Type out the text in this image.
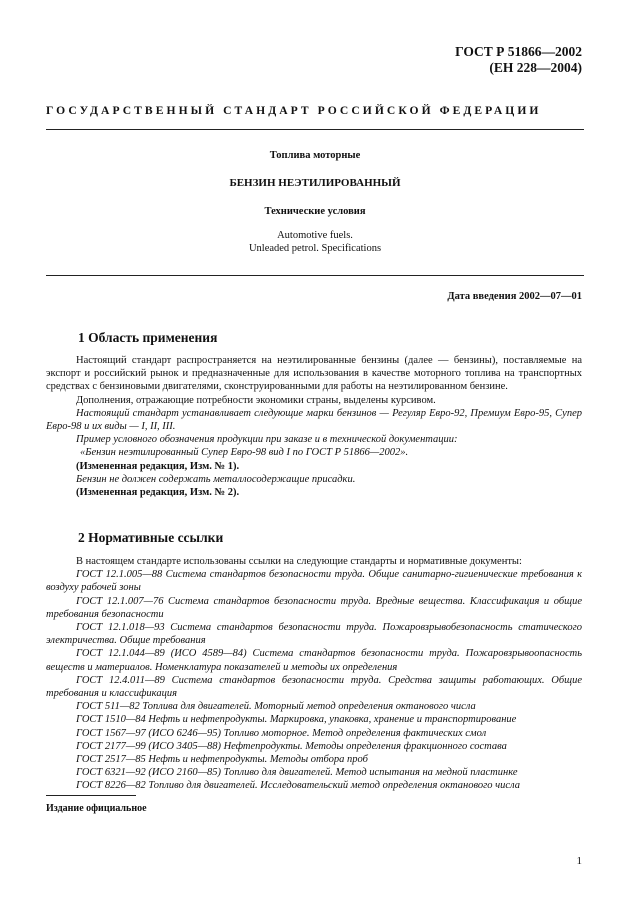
ГОСТ Р 51866—2002
(ЕН 228—2004)
ГОСУДАРСТВЕННЫЙ СТАНДАРТ РОССИЙСКОЙ ФЕДЕРАЦИИ
Топлива моторные
БЕНЗИН НЕЭТИЛИРОВАННЫЙ
Технические условия
Automotive fuels.
Unleaded petrol. Specifications
Дата введения 2002—07—01
1 Область применения

Настоящий стандарт распространяется на неэтилированные бензины (далее — бензины), поставляемые на экспорт и российский рынок и предназначенные для использования в качестве моторного топлива на транспортных средствах с бензиновыми двигателями, сконструированными для работы на неэтилированном бензине.

Дополнения, отражающие потребности экономики страны, выделены курсивом.

Настоящий стандарт устанавливает следующие марки бензинов — Регуляр Евро-92, Премиум Евро-95, Супер Евро-98 и их виды — I, II, III.

Пример условного обозначения продукции при заказе и в технической документации:

«Бензин неэтилированный Супер Евро-98 вид I по ГОСТ Р 51866—2002».

(Измененная редакция, Изм. № 1).

Бензин не должен содержать металлосодержащие присадки.

(Измененная редакция, Изм. № 2).

2 Нормативные ссылки

В настоящем стандарте использованы ссылки на следующие стандарты и нормативные документы:

ГОСТ 12.1.005—88 Система стандартов безопасности труда. Общие санитарно-гигиенические требования к воздуху рабочей зоны

ГОСТ 12.1.007—76 Система стандартов безопасности труда. Вредные вещества. Классификация и общие требования безопасности

ГОСТ 12.1.018—93 Система стандартов безопасности труда. Пожаровзрывобезопасность статического электричества. Общие требования

ГОСТ 12.1.044—89 (ИСО 4589—84) Система стандартов безопасности труда. Пожаровзрывоопасность веществ и материалов. Номенклатура показателей и методы их определения

ГОСТ 12.4.011—89 Система стандартов безопасности труда. Средства защиты работающих. Общие требования и классификация

ГОСТ 511—82 Топлива для двигателей. Моторный метод определения октанового числа

ГОСТ 1510—84 Нефть и нефтепродукты. Маркировка, упаковка, хранение и транспортирование

ГОСТ 1567—97 (ИСО 6246—95) Топливо моторное. Метод определения фактических смол

ГОСТ 2177—99 (ИСО 3405—88) Нефтепродукты. Методы определения фракционного состава

ГОСТ 2517—85 Нефть и нефтепродукты. Методы отбора проб

ГОСТ 6321—92 (ИСО 2160—85) Топливо для двигателей. Метод испытания на медной пластинке

ГОСТ 8226—82 Топливо для двигателей. Исследовательский метод определения октанового числа

Издание официальное
1
